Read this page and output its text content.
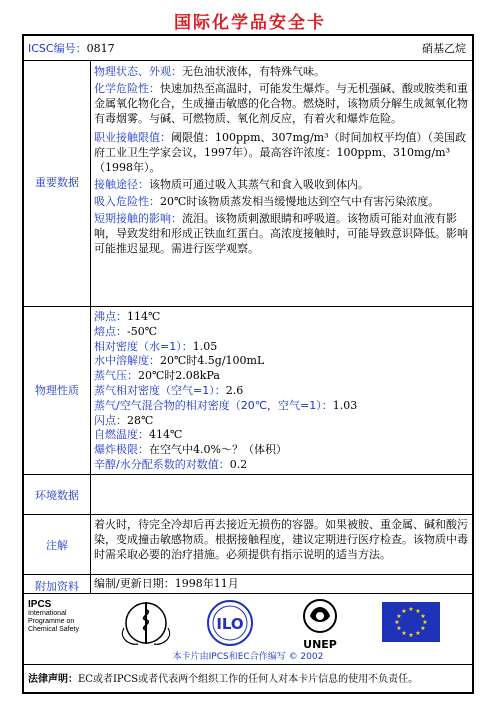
国际化学品安全卡
ICSC编号：0817	硝基乙烷
重要数据
物理性质
环境数据
注解
附加资料

物理状态、外观：无色油状液体，有特殊气味。

化学危险性：快速加热至高温时，可能发生爆炸。与无机强碱、酸或胺类和重金属氧化物化合，生成撞击敏感的化合物。燃烧时，该物质分解生成氮氧化物有毒烟雾。与碱、可燃物质、氧化剂反应，有着火和爆炸危险。

职业接触限值：阈限值：100ppm、307mg/m³（时间加权平均值）（美国政府工业卫生学家会议，1997年）。最高容许浓度：100ppm、310mg/m³（1998年）。

接触途径：该物质可通过吸入其蒸气和食入吸收到体内。

吸入危险性：20℃时该物质蒸发相当缓慢地达到空气中有害污染浓度。

短期接触的影响：流泪。该物质刺激眼睛和呼吸道。该物质可能对血液有影响，导致发绀和形成正铁血红蛋白。高浓度接触时，可能导致意识降低。影响可能推迟显现。需进行医学观察。

沸点：114℃

熔点：-50℃

相对密度（水=1）：1.05

水中溶解度：20℃时4.5g/100mL

蒸气压：20℃时2.08kPa

蒸气相对密度（空气=1）：2.6

蒸气/空气混合物的相对密度（20℃，空气=1）：1.03

闪点：28℃

自燃温度：414℃

爆炸极限：在空气中4.0%～？（体积）

辛醇/水分配系数的对数值：0.2

着火时，待完全冷却后再去接近无损伤的容器。如果被胺、重金属、碱和酸污染，变成撞击敏感物质。根据接触程度，建议定期进行医疗检查。该物质中毒时需采取必要的治疗措施。必须提供有指示说明的适当方法。
编制/更新日期：1998年11月
IPCS
International
Programme on
Chemical Safety	ILO
UNEP
★ ★
★
★
★
★
★
★
★
★
★
★
本卡片由IPCS和EC合作编写 © 2002
法律声明：EC或者IPCS或者代表两个组织工作的任何人对本卡片信息的使用不负责任。
